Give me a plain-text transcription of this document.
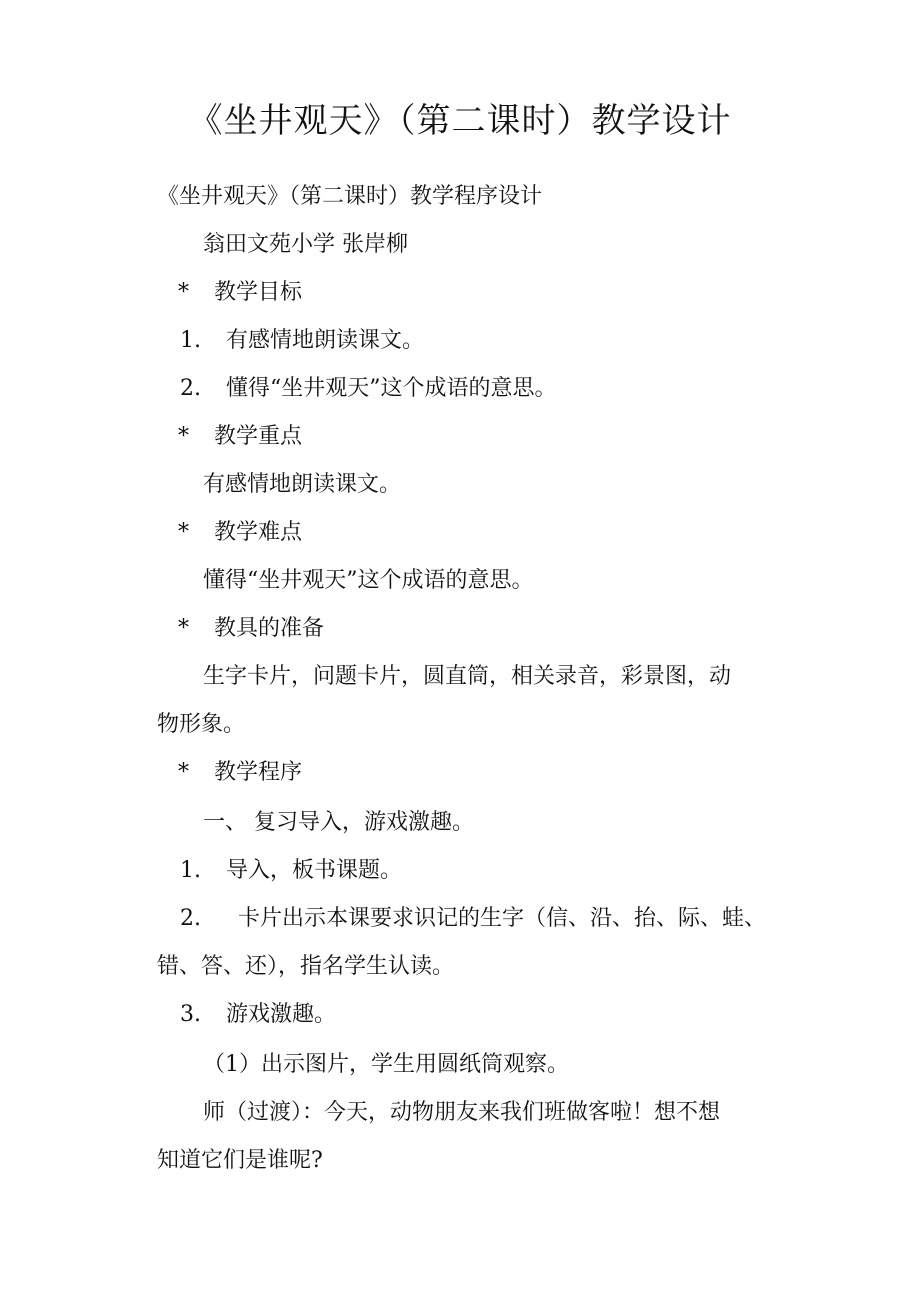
《坐井观天》（第二课时）教学设计

《坐井观天》（第二课时）教学程序设计

翁田文苑小学 张岸柳

* 教学目标

1. 有感情地朗读课文。

2. 懂得“坐井观天”这个成语的意思。

* 教学重点

有感情地朗读课文。

* 教学难点

懂得“坐井观天”这个成语的意思。

* 教具的准备

生字卡片，问题卡片，圆直筒，相关录音，彩景图，动

物形象。

* 教学程序

一、 复习导入，游戏激趣。

1. 导入，板书课题。

2. 卡片出示本课要求识记的生字（信、沿、抬、际、蛙、

错、答、还），指名学生认读。

3. 游戏激趣。

（1）出示图片，学生用圆纸筒观察。

师（过渡）：今天，动物朋友来我们班做客啦！想不想

知道它们是谁呢?
